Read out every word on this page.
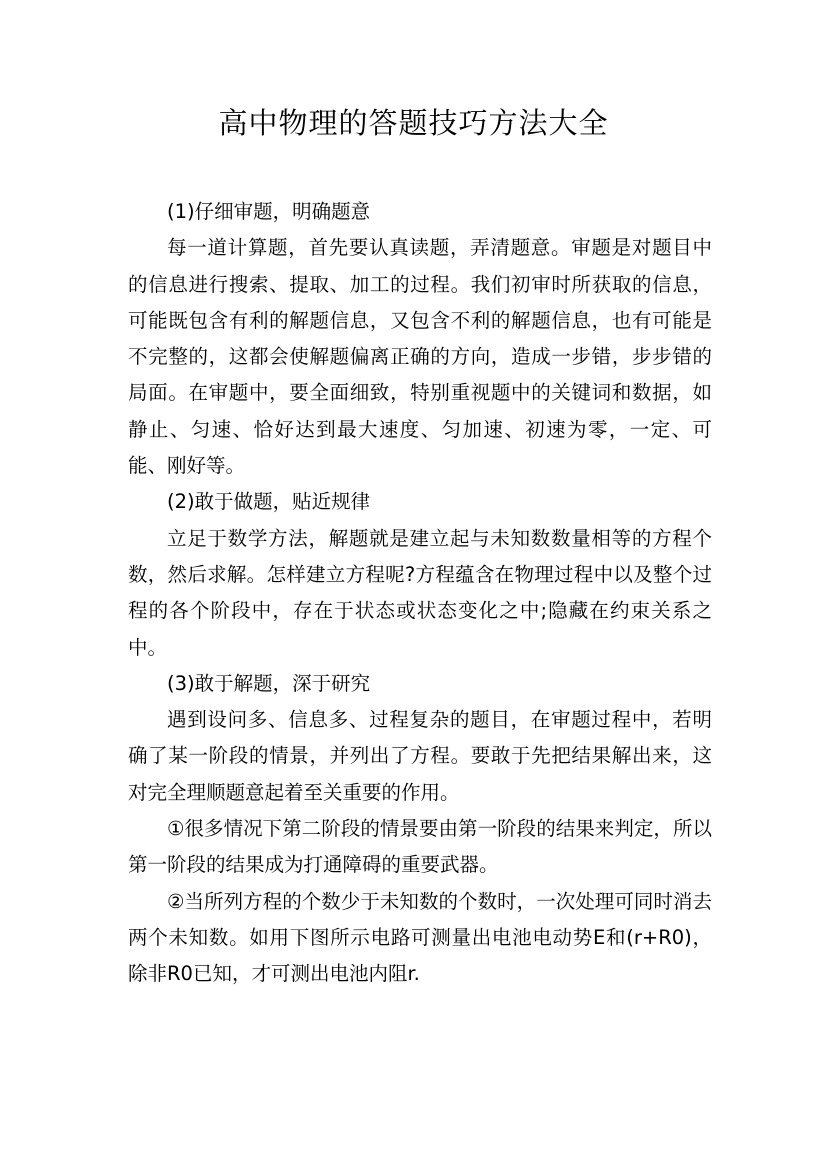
高中物理的答题技巧方法大全

(1)仔细审题，明确题意

每一道计算题，首先要认真读题，弄清题意。审题是对题目中的信息进行搜索、提取、加工的过程。我们初审时所获取的信息，可能既包含有利的解题信息，又包含不利的解题信息，也有可能是不完整的，这都会使解题偏离正确的方向，造成一步错，步步错的局面。在审题中，要全面细致，特别重视题中的关键词和数据，如静止、匀速、恰好达到最大速度、匀加速、初速为零，一定、可能、刚好等。

(2)敢于做题，贴近规律

立足于数学方法，解题就是建立起与未知数数量相等的方程个数，然后求解。怎样建立方程呢?方程蕴含在物理过程中以及整个过程的各个阶段中，存在于状态或状态变化之中;隐藏在约束关系之中。

(3)敢于解题，深于研究

遇到设问多、信息多、过程复杂的题目，在审题过程中，若明确了某一阶段的情景，并列出了方程。要敢于先把结果解出来，这对完全理顺题意起着至关重要的作用。

①很多情况下第二阶段的情景要由第一阶段的结果来判定，所以第一阶段的结果成为打通障碍的重要武器。

②当所列方程的个数少于未知数的个数时，一次处理可同时消去两个未知数。如用下图所示电路可测量出电池电动势E和(r+R0)，除非R0已知，才可测出电池内阻r.
